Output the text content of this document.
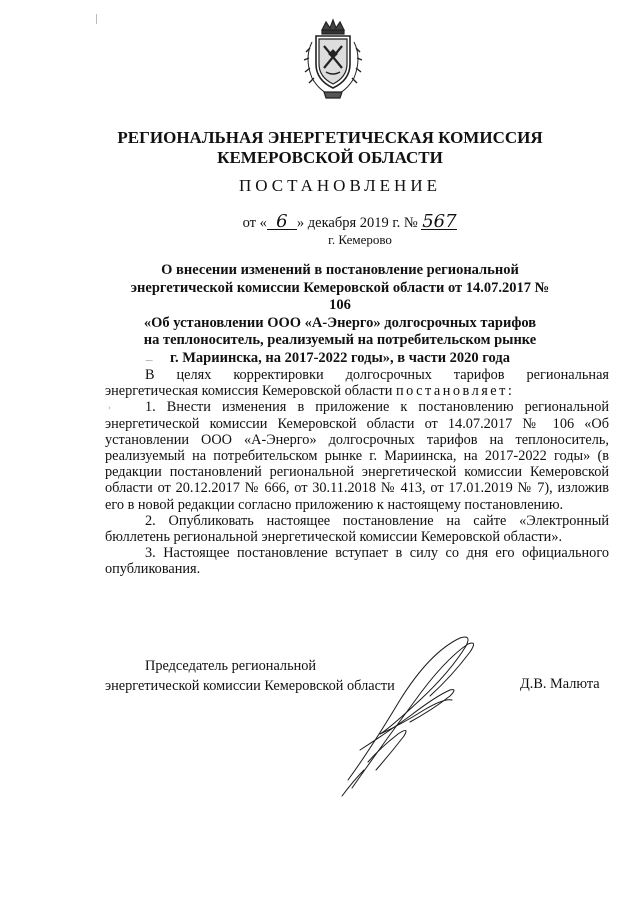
РЕГИОНАЛЬНАЯ ЭНЕРГЕТИЧЕСКАЯ КОМИССИЯ
КЕМЕРОВСКОЙ ОБЛАСТИ
ПОСТАНОВЛЕНИЕ
от « 6 » декабря 2019 г. № 567
г. Кемерово
О внесении изменений в постановление региональной
энергетической комиссии Кемеровской области от 14.07.2017 № 106
«Об установлении ООО «А-Энерго» долгосрочных тарифов
на теплоноситель, реализуемый на потребительском рынке
г. Мариинска, на 2017-2022 годы», в части 2020 года
⁓
›

В целях корректировки долгосрочных тарифов региональная энергетическая комиссия Кемеровской области постановляет:

1. Внести изменения в приложение к постановлению региональной энергетической комиссии Кемеровской области от 14.07.2017 № 106 «Об установлении ООО «А-Энерго» долгосрочных тарифов на теплоноситель, реализуемый на потребительском рынке г. Мариинска, на 2017-2022 годы» (в редакции постановлений региональной энергетической комиссии Кемеровской области от 20.12.2017 № 666, от 30.11.2018 № 413, от 17.01.2019 № 7), изложив его в новой редакции согласно приложению к настоящему постановлению.

2. Опубликовать настоящее постановление на сайте «Электронный бюллетень региональной энергетической комиссии Кемеровской области».

3. Настоящее постановление вступает в силу со дня его официального опубликования.

Председатель региональной
энергетической комиссии Кемеровской области	Д.В. Малюта
